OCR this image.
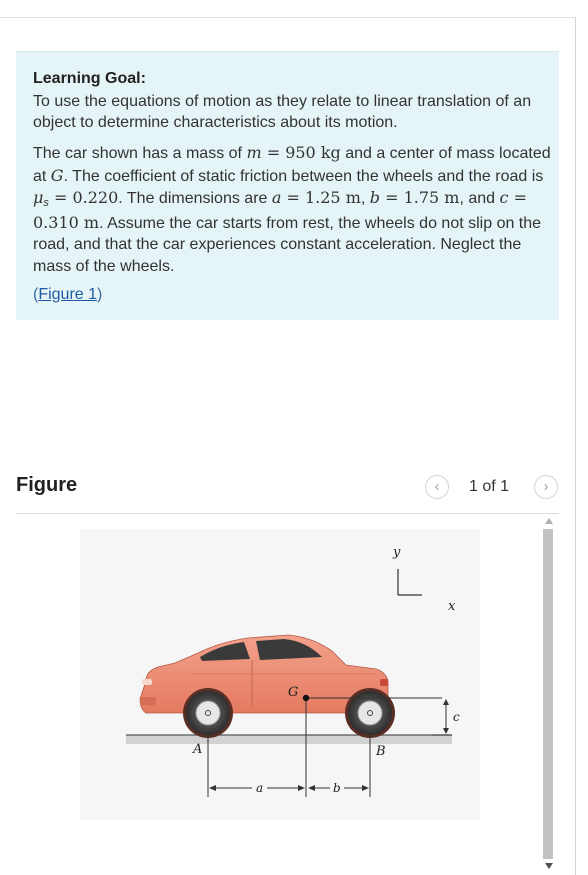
Learning Goal:
To use the equations of motion as they relate to linear translation of an object to determine characteristics about its motion.
The car shown has a mass of m = 950 kg and a center of mass located at G. The coefficient of static friction between the wheels and the road is μs = 0.220. The dimensions are a = 1.25 m, b = 1.75 m, and c = 0.310 m. Assume the car starts from rest, the wheels do not slip on the road, and that the car experiences constant acceleration. Neglect the mass of the wheels.
(Figure 1)
Figure	‹	1 of 1	›
y
x
G
c
A	B
a	b
